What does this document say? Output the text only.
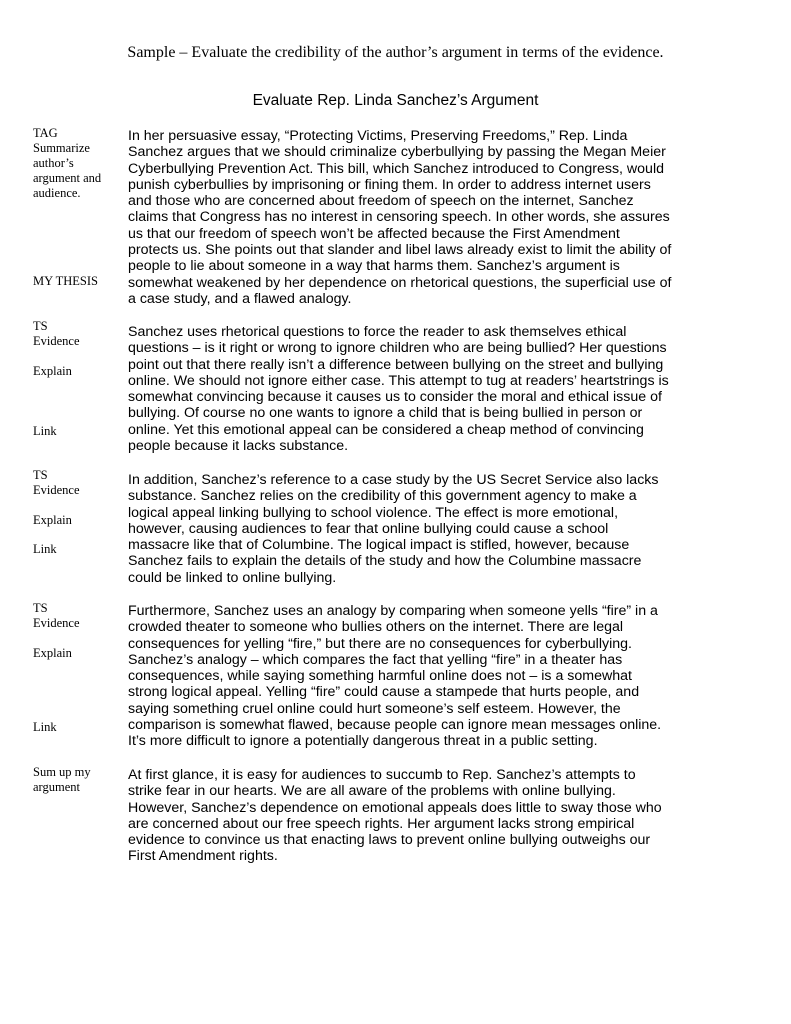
Sample – Evaluate the credibility of the author’s argument in terms of the evidence.
Evaluate Rep. Linda Sanchez’s Argument
TAG
Summarize
author’s
argument and
audience.
MY THESIS
TS
Evidence
Explain
Link
TS
Evidence
Explain
Link
TS
Evidence
Explain
Link
Sum up my
argument
In her persuasive essay, “Protecting Victims, Preserving Freedoms,” Rep. Linda
Sanchez argues that we should criminalize cyberbullying by passing the Megan Meier
Cyberbullying Prevention Act. This bill, which Sanchez introduced to Congress, would
punish cyberbullies by imprisoning or fining them. In order to address internet users
and those who are concerned about freedom of speech on the internet, Sanchez
claims that Congress has no interest in censoring speech. In other words, she assures
us that our freedom of speech won’t be affected because the First Amendment
protects us. She points out that slander and libel laws already exist to limit the ability of
people to lie about someone in a way that harms them. Sanchez’s argument is
somewhat weakened by her dependence on rhetorical questions, the superficial use of
a case study, and a flawed analogy.
Sanchez uses rhetorical questions to force the reader to ask themselves ethical
questions – is it right or wrong to ignore children who are being bullied? Her questions
point out that there really isn’t a difference between bullying on the street and bullying
online. We should not ignore either case. This attempt to tug at readers’ heartstrings is
somewhat convincing because it causes us to consider the moral and ethical issue of
bullying. Of course no one wants to ignore a child that is being bullied in person or
online. Yet this emotional appeal can be considered a cheap method of convincing
people because it lacks substance.
In addition, Sanchez’s reference to a case study by the US Secret Service also lacks
substance. Sanchez relies on the credibility of this government agency to make a
logical appeal linking bullying to school violence. The effect is more emotional,
however, causing audiences to fear that online bullying could cause a school
massacre like that of Columbine. The logical impact is stifled, however, because
Sanchez fails to explain the details of the study and how the Columbine massacre
could be linked to online bullying.
Furthermore, Sanchez uses an analogy by comparing when someone yells “fire” in a
crowded theater to someone who bullies others on the internet. There are legal
consequences for yelling “fire,” but there are no consequences for cyberbullying.
Sanchez’s analogy – which compares the fact that yelling “fire” in a theater has
consequences, while saying something harmful online does not – is a somewhat
strong logical appeal. Yelling “fire” could cause a stampede that hurts people, and
saying something cruel online could hurt someone’s self esteem. However, the
comparison is somewhat flawed, because people can ignore mean messages online.
It’s more difficult to ignore a potentially dangerous threat in a public setting.
At first glance, it is easy for audiences to succumb to Rep. Sanchez’s attempts to
strike fear in our hearts. We are all aware of the problems with online bullying.
However, Sanchez’s dependence on emotional appeals does little to sway those who
are concerned about our free speech rights. Her argument lacks strong empirical
evidence to convince us that enacting laws to prevent online bullying outweighs our
First Amendment rights.
